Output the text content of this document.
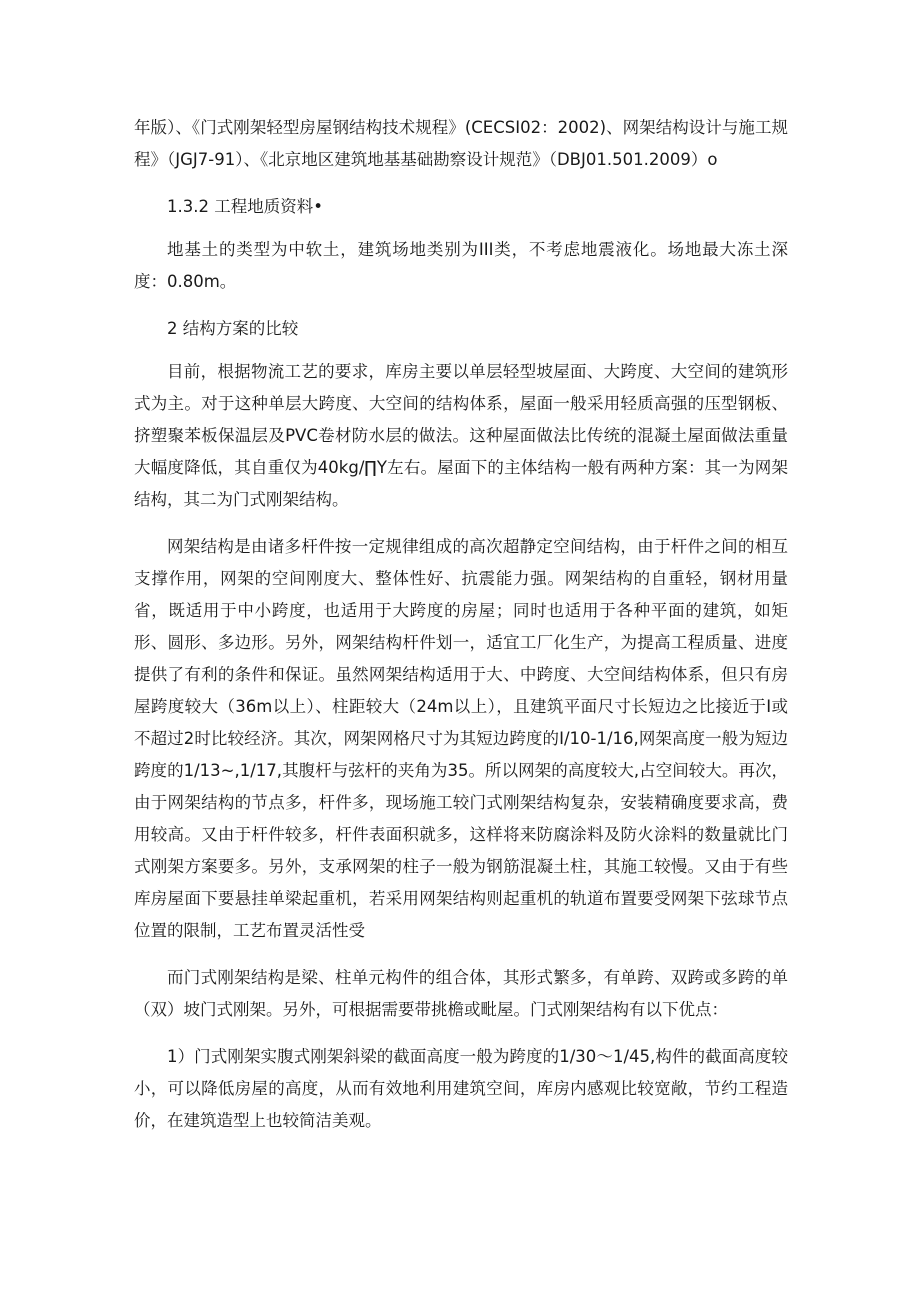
年版）、《门式刚架轻型房屋钢结构技术规程》(CECSI02：2002)、网架结构设计与施工规程》（JGJ7-91）、《北京地区建筑地基基础勘察设计规范》（DBJ01.501.2009）o

1.3.2 工程地质资料•

地基土的类型为中软土，建筑场地类别为III类，不考虑地震液化。场地最大冻土深度：0.80m。

2 结构方案的比较

目前，根据物流工艺的要求，库房主要以单层轻型坡屋面、大跨度、大空间的建筑形式为主。对于这种单层大跨度、大空间的结构体系，屋面一般采用轻质高强的压型钢板、挤塑聚苯板保温层及PVC卷材防水层的做法。这种屋面做法比传统的混凝土屋面做法重量大幅度降低，其自重仅为40kg/∏Y左右。屋面下的主体结构一般有两种方案：其一为网架结构，其二为门式刚架结构。

网架结构是由诸多杆件按一定规律组成的高次超静定空间结构，由于杆件之间的相互支撑作用，网架的空间刚度大、整体性好、抗震能力强。网架结构的自重轻，钢材用量省，既适用于中小跨度，也适用于大跨度的房屋；同时也适用于各种平面的建筑，如矩形、圆形、多边形。另外，网架结构杆件划一，适宜工厂化生产，为提高工程质量、进度提供了有利的条件和保证。虽然网架结构适用于大、中跨度、大空间结构体系，但只有房屋跨度较大（36m以上）、柱距较大（24m以上），且建筑平面尺寸长短边之比接近于I或不超过2时比较经济。其次，网架网格尺寸为其短边跨度的I/10-1/16,网架高度一般为短边跨度的1/13~,1/17,其腹杆与弦杆的夹角为35。所以网架的高度较大,占空间较大。再次，由于网架结构的节点多，杆件多，现场施工较门式刚架结构复杂，安装精确度要求高，费用较高。又由于杆件较多，杆件表面积就多，这样将来防腐涂料及防火涂料的数量就比门式刚架方案要多。另外，支承网架的柱子一般为钢筋混凝土柱，其施工较慢。又由于有些库房屋面下要悬挂单梁起重机，若采用网架结构则起重机的轨道布置要受网架下弦球节点位置的限制，工艺布置灵活性受

而门式刚架结构是梁、柱单元构件的组合体，其形式繁多，有单跨、双跨或多跨的单（双）坡门式刚架。另外，可根据需要带挑檐或毗屋。门式刚架结构有以下优点：

1）门式刚架实腹式刚架斜梁的截面高度一般为跨度的1/30～1/45,构件的截面高度较小，可以降低房屋的高度，从而有效地利用建筑空间，库房内感观比较宽敞，节约工程造价，在建筑造型上也较简洁美观。
